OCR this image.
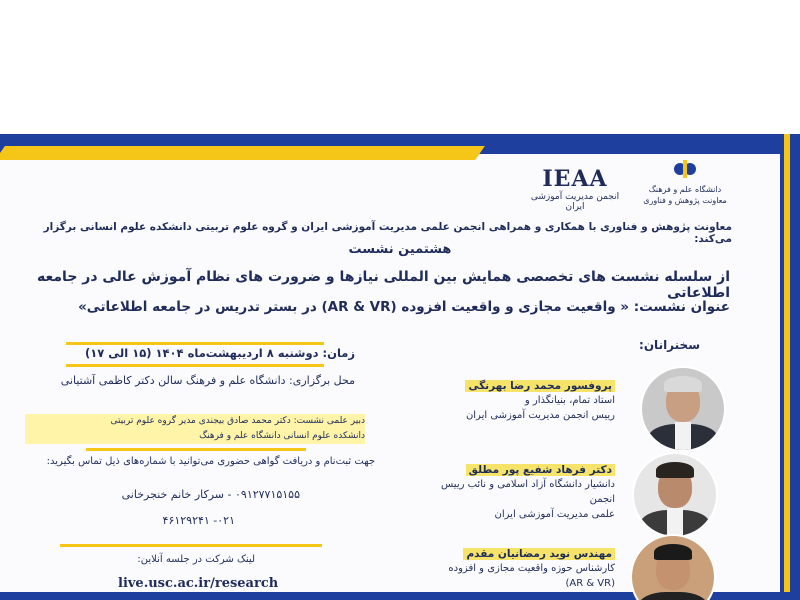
IEAA
انجمن مدیریت آموزشی ایران
دانشگاه علم و فرهنگ
معاونت پژوهش و فناوری
معاونت پژوهش و فناوری با همکاری و همراهی انجمن علمی مدیریت آموزشی ایران و گروه علوم تربیتی دانشکده علوم انسانی برگزار می‌کند:
هشتمین نشست
از سلسله نشست های تخصصی همایش بین المللی نیازها و ضرورت های نظام آموزش عالی در جامعه اطلاعاتی
عنوان نشست: « واقعیت مجازی و واقعیت افزوده (AR & VR) در بستر تدریس در جامعه اطلاعاتی»
سخنرانان:
زمان: دوشنبه ۸ اردیبهشت‌ماه ۱۴۰۴ (۱۵ الی ۱۷)
محل برگزاری: دانشگاه علم و فرهنگ سالن دکتر کاظمی آشتیانی
دبیر علمی نشست: دکتر محمد صادق بیجندی مدیر گروه علوم تربیتی
دانشکده علوم انسانی دانشگاه علم و فرهنگ
جهت ثبت‌نام و دریافت گواهی حضوری می‌توانید با شماره‌های ذیل تماس بگیرید:
۰۹۱۲۷۷۱۵۱۵۵ - سرکار خانم خنجرخانی
۰۲۱- ۴۶۱۲۹۲۴۱
لینک شرکت در جلسه آنلاین:
live.usc.ac.ir/research
پروفسور محمد رضا بهرنگی
استاد تمام، بنیانگذار و
رییس انجمن مدیریت آموزشی ایران
دکتر فرهاد شفیع پور مطلق
دانشیار دانشگاه آزاد اسلامی و نائب رییس انجمن
علمی مدیریت آموزشی ایران
مهندس نوید رمضانیان مقدم
کارشناس حوزه واقعیت مجازی و افزوده
(AR & VR)
